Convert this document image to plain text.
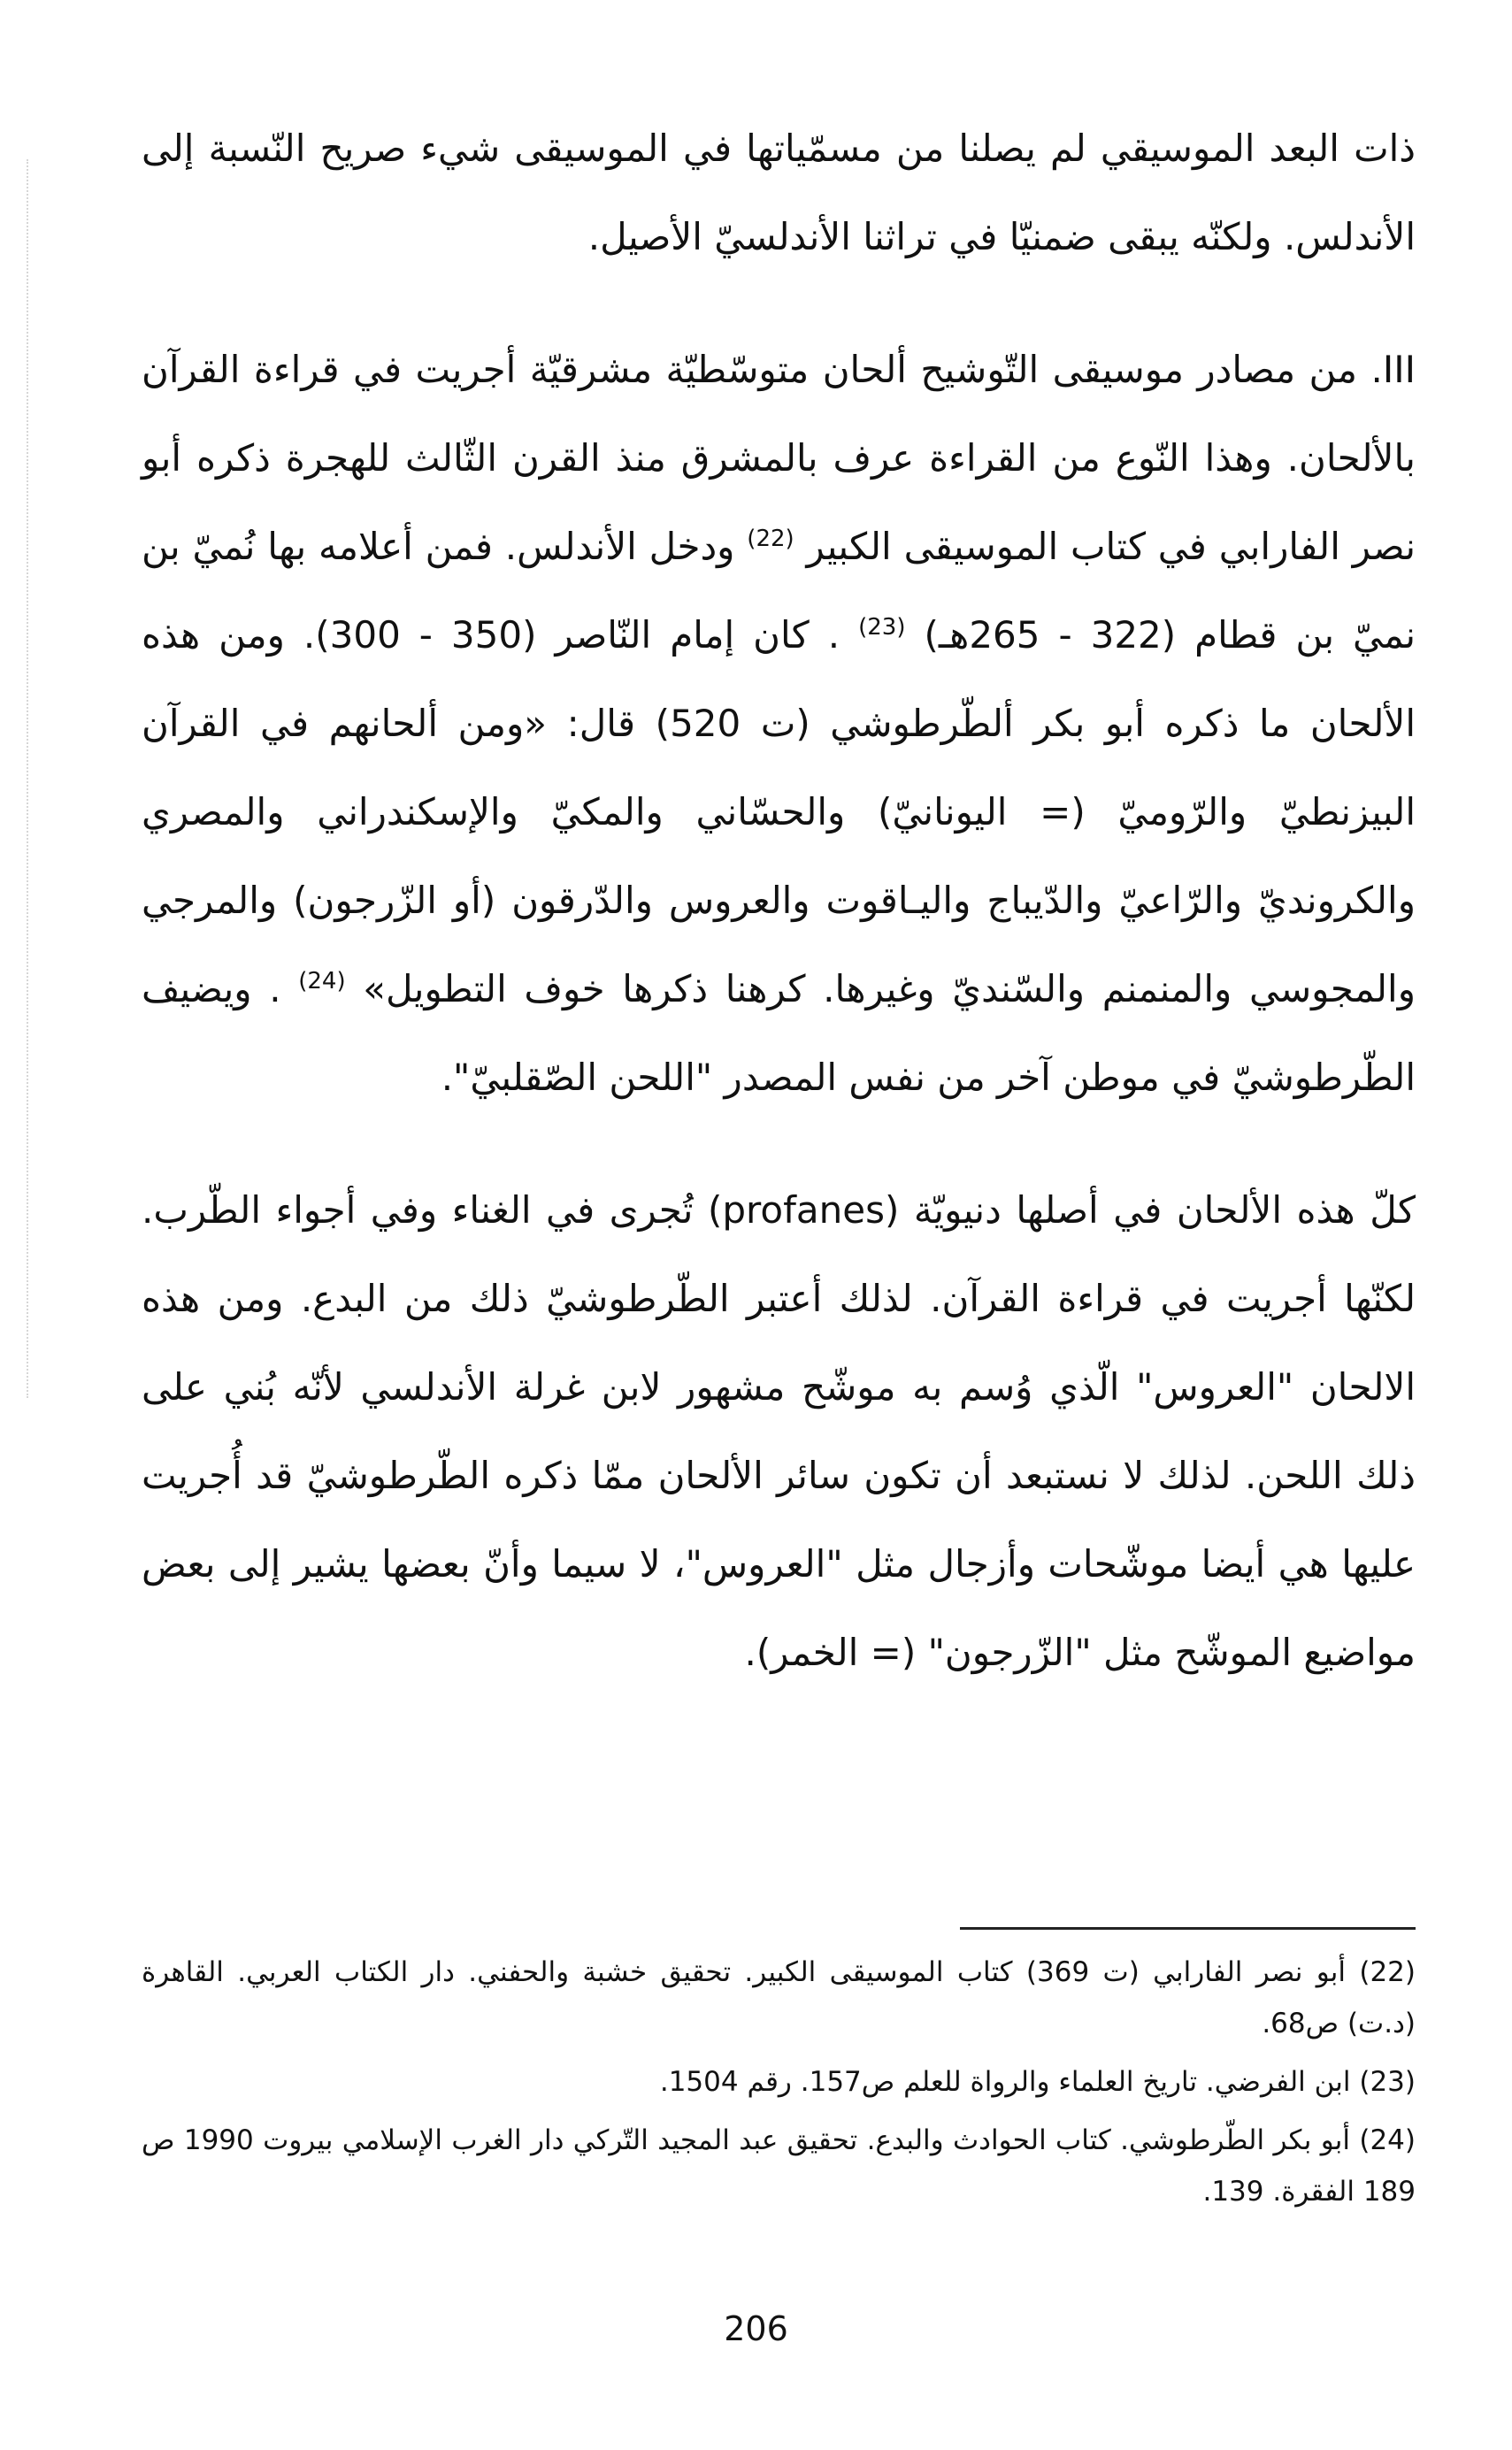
ذات البعد الموسيقي لم يصلنا من مسمّياتها في الموسيقى شيء صريح النّسبة إلى الأندلس. ولكنّه يبقى ضمنيّا في تراثنا الأندلسيّ الأصيل.

III. من مصادر موسيقى التّوشيح ألحان متوسّطيّة مشرقيّة أجريت في قراءة القرآن بالألحان. وهذا النّوع من القراءة عرف بالمشرق منذ القرن الثّالث للهجرة ذكره أبو نصر الفارابي في كتاب الموسيقى الكبير $^{(22)}$ ودخل الأندلس. فمن أعلامه بها نُميّ بن نميّ بن قطام (322 - 265هـ) $^{(23)}$ . كان إمام النّاصر (350 - 300). ومن هذه الألحان ما ذكره أبو بكر ألطّرطوشي (ت 520) قال: «ومن ألحانهم في القرآن البيزنطيّ والرّوميّ (= اليونانيّ) والحسّاني والمكيّ والإسكندراني والمصري والكرونديّ والرّاعيّ والدّيباج واليـاقوت والعروس والدّرقون (أو الزّرجون) والمرجي والمجوسي والمنمنم والسّنديّ وغيرها. كرهنا ذكرها خوف التطويل» $^{(24)}$ . ويضيف الطّرطوشيّ في موطن آخر من نفس المصدر "اللحن الصّقلبيّ".

كلّ هذه الألحان في أصلها دنيويّة (profanes) تُجرى في الغناء وفي أجواء الطّرب. لكنّها أجريت في قراءة القرآن. لذلك أعتبر الطّرطوشيّ ذلك من البدع. ومن هذه الالحان "العروس" الّذي وُسم به موشّح مشهور لابن غرلة الأندلسي لأنّه بُني على ذلك اللحن. لذلك لا نستبعد أن تكون سائر الألحان ممّا ذكره الطّرطوشيّ قد أُجريت عليها هي أيضا موشّحات وأزجال مثل "العروس"، لا سيما وأنّ بعضها يشير إلى بعض مواضيع الموشّح مثل "الزّرجون" (= الخمر).

(22) أبو نصر الفارابي (ت 369) كتاب الموسيقى الكبير. تحقيق خشبة والحفني. دار الكتاب العربي. القاهرة (د.ت) ص68.

(23) ابن الفرضي. تاريخ العلماء والرواة للعلم ص157. رقم 1504.

(24) أبو بكر الطّرطوشي. كتاب الحوادث والبدع. تحقيق عبد المجيد التّركي دار الغرب الإسلامي بيروت 1990 ص 189 الفقرة. 139.

206
